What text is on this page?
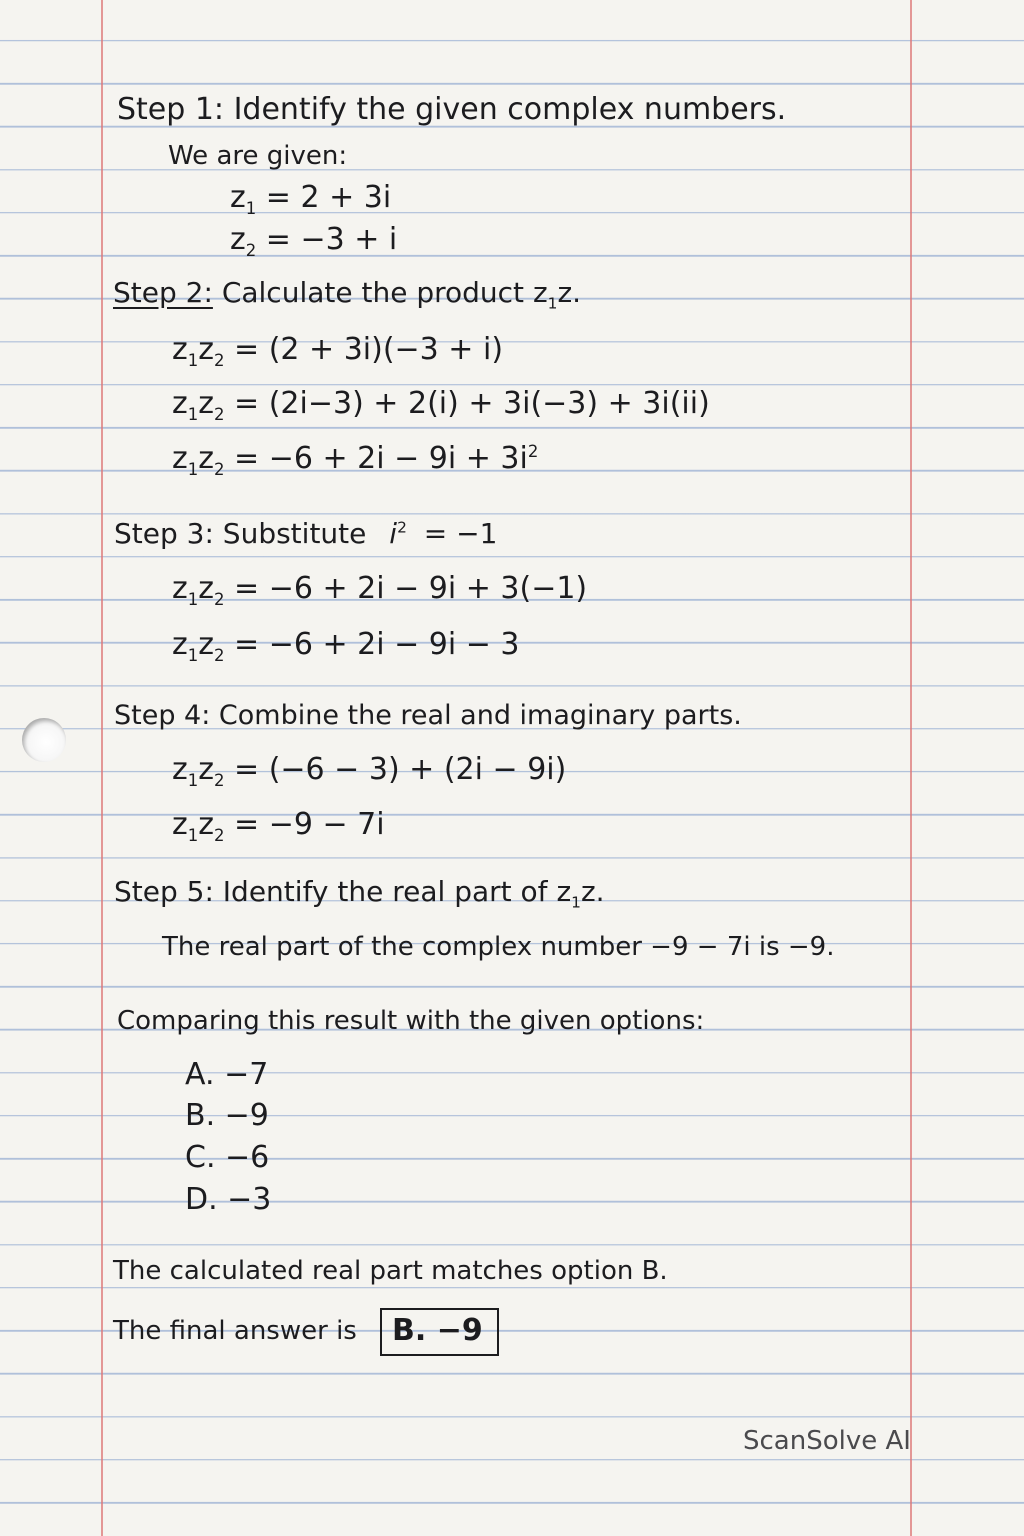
Step 1: Identify the given complex numbers.
We are given:
$z_1 = 2 + 3i$
$z_2 = -3 + i$
Step 2: Calculate the product $z_1z$.
$z_1z_2 = (2 + 3i)(-3 + i)$
$z_1z_2 = (2i-3) + 2(i) + 3i(-3) + 3i(ii)$
$z_1z_2 = -6 + 2i - 9i + 3i^2$
Step 3: Substitute $i^2 = -1$
$z_1z_2 = -6 + 2i - 9i + 3(-1)$
$z_1z_2 = -6 + 2i - 9i - 3$
Step 4: Combine the real and imaginary parts.
$z_1z_2 = (-6 - 3) + (2i - 9i)$
$z_1z_2 = -9 - 7i$
Step 5: Identify the real part of $z_1z$.
The real part of the complex number −9 − 7i is −9.
Comparing this result with the given options:
A. −7
B. −9
C. −6
D. −3
The calculated real part matches option B.
The final answer is	B. −9
ScanSolve AI
